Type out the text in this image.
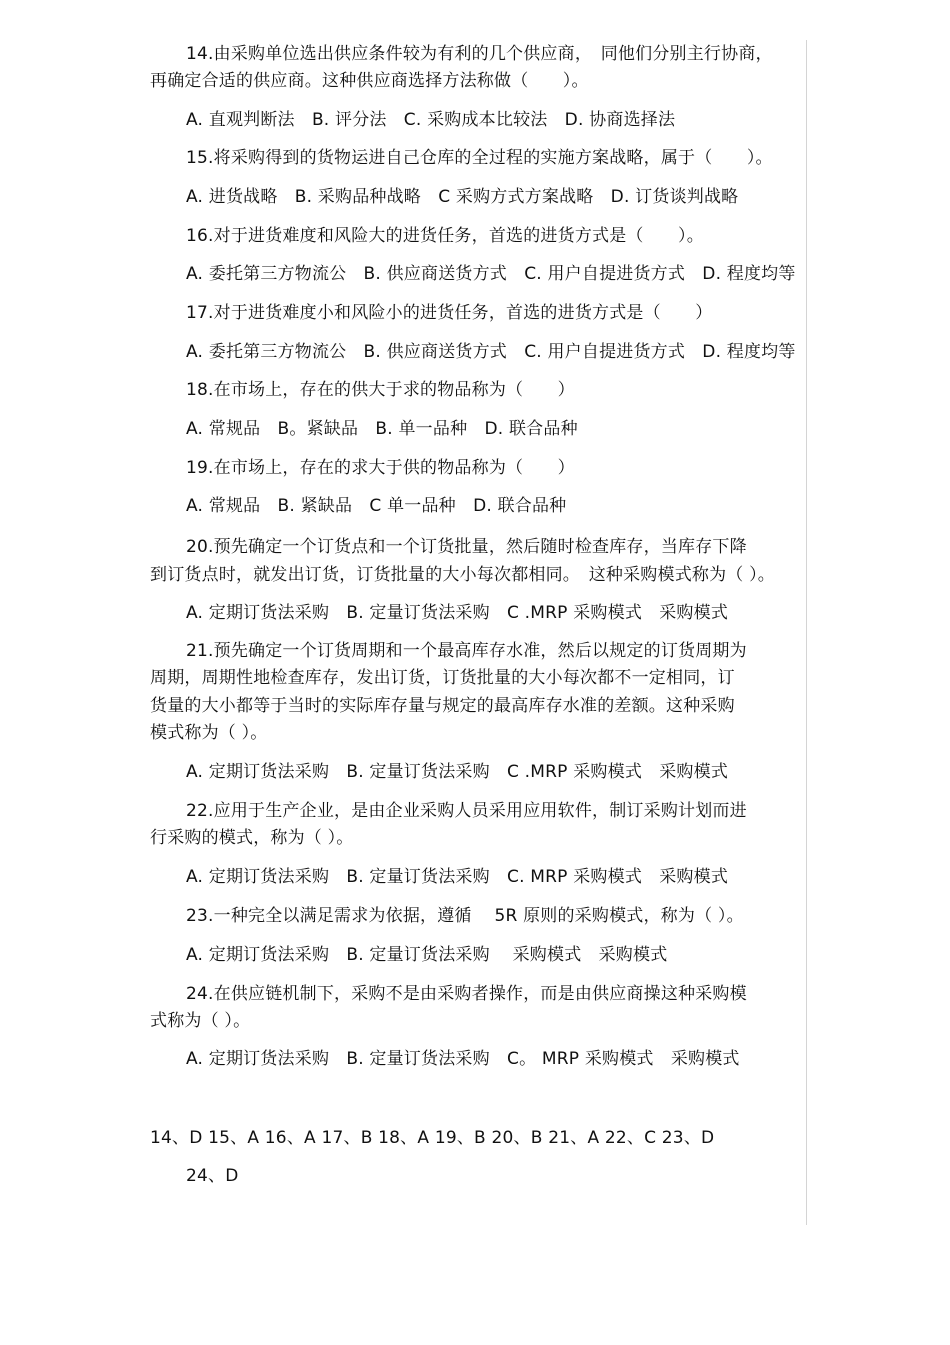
14.由采购单位选出供应条件较为有利的几个供应商，　同他们分别主行协商，
再确定合适的供应商。这种供应商选择方法称做（　　）。
A. 直观判断法　B. 评分法　C. 采购成本比较法　D. 协商选择法
15.将采购得到的货物运进自己仓库的全过程的实施方案战略，属于（　　）。
A. 进货战略　B. 采购品种战略　C 采购方式方案战略　D. 订货谈判战略
16.对于进货难度和风险大的进货任务，首选的进货方式是（　　）。
A. 委托第三方物流公　B. 供应商送货方式　C. 用户自提进货方式　D. 程度均等
17.对于进货难度小和风险小的进货任务，首选的进货方式是（　　）
A. 委托第三方物流公　B. 供应商送货方式　C. 用户自提进货方式　D. 程度均等
18.在市场上，存在的供大于求的物品称为（　　）
A. 常规品　B。紧缺品　B. 单一品种　D. 联合品种
19.在市场上，存在的求大于供的物品称为（　　）
A. 常规品　B. 紧缺品　C 单一品种　D. 联合品种
20.预先确定一个订货点和一个订货批量，然后随时检查库存，当库存下降
到订货点时，就发出订货，订货批量的大小每次都相同。　这种采购模式称为（ ）。
A. 定期订货法采购　B. 定量订货法采购　C .MRP 采购模式　采购模式
21.预先确定一个订货周期和一个最高库存水准，然后以规定的订货周期为
周期，周期性地检查库存，发出订货，订货批量的大小每次都不一定相同，订
货量的大小都等于当时的实际库存量与规定的最高库存水准的差额。这种采购
模式称为（ ）。
A. 定期订货法采购　B. 定量订货法采购　C .MRP 采购模式　采购模式
22.应用于生产企业，是由企业采购人员采用应用软件，制订采购计划而进
行采购的模式，称为（ ）。
A. 定期订货法采购　B. 定量订货法采购　C. MRP 采购模式　采购模式
23.一种完全以满足需求为依据，遵循　 5R 原则的采购模式，称为（ ）。
A. 定期订货法采购　B. 定量订货法采购　 采购模式　采购模式
24.在供应链机制下，采购不是由采购者操作，而是由供应商操这种采购模
式称为（ ）。
A. 定期订货法采购　B. 定量订货法采购　C。 MRP 采购模式　采购模式
14、D 15、A 16、A 17、B 18、A 19、B 20、B 21、A 22、C 23、D
24、D
